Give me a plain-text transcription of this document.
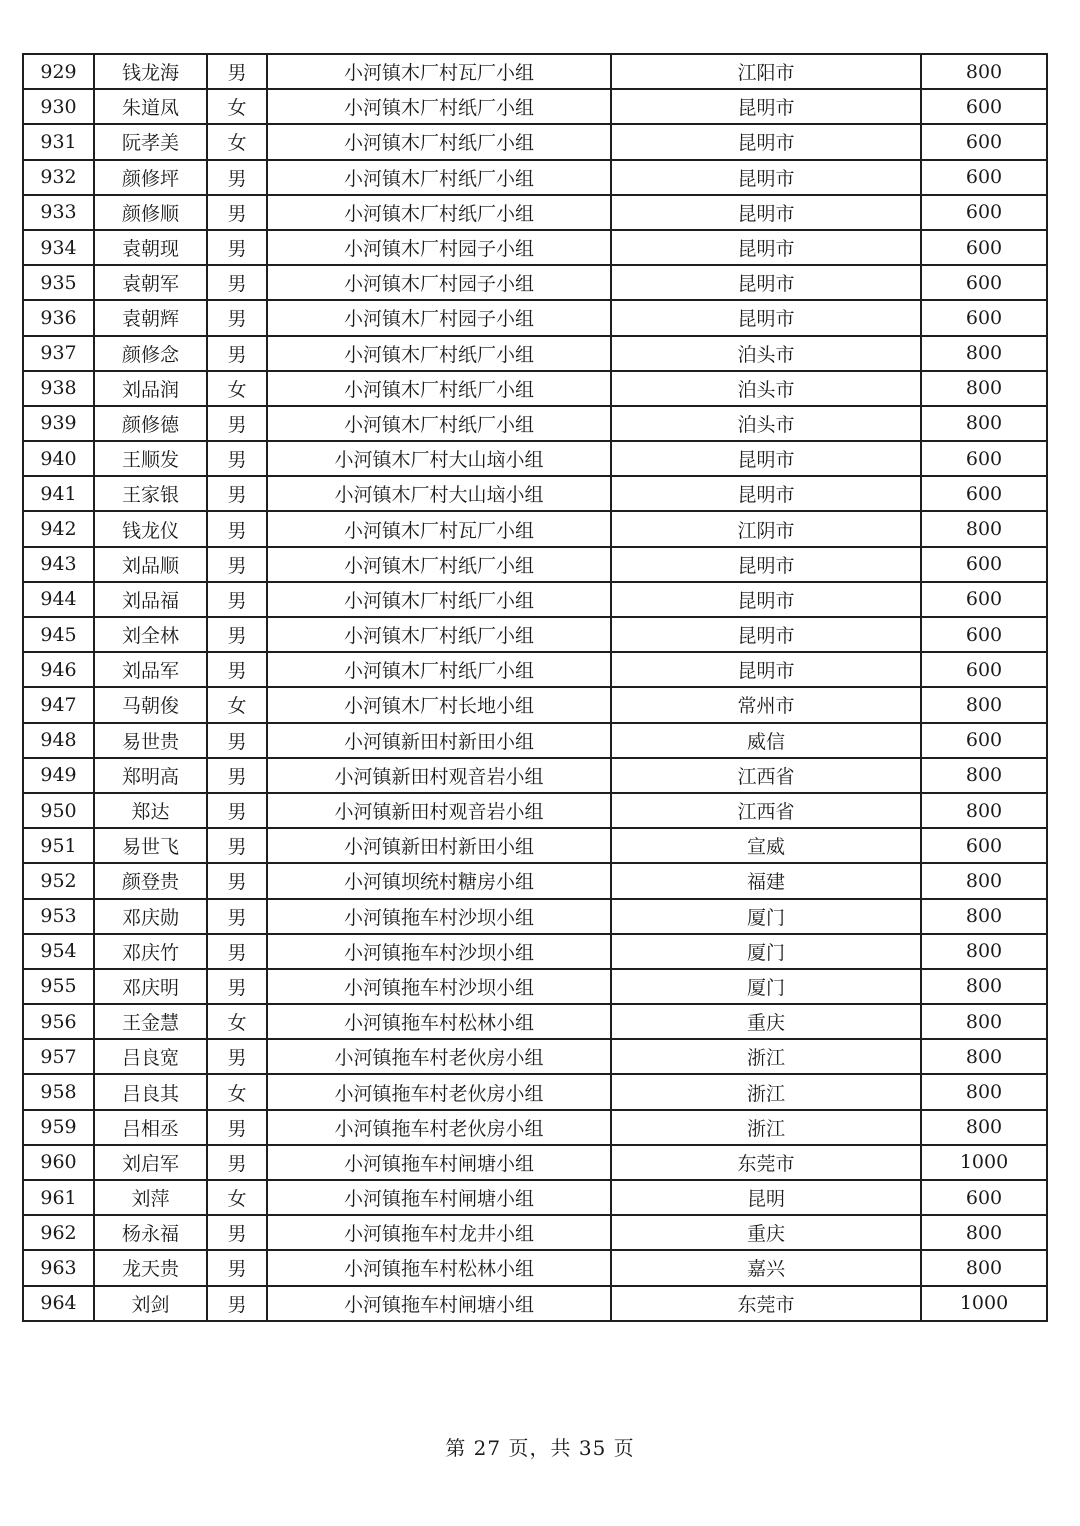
929	钱龙海	男	小河镇木厂村瓦厂小组	江阳市	800
930	朱道凤	女	小河镇木厂村纸厂小组	昆明市	600
931	阮孝美	女	小河镇木厂村纸厂小组	昆明市	600
932	颜修坪	男	小河镇木厂村纸厂小组	昆明市	600
933	颜修顺	男	小河镇木厂村纸厂小组	昆明市	600
934	袁朝现	男	小河镇木厂村园子小组	昆明市	600
935	袁朝军	男	小河镇木厂村园子小组	昆明市	600
936	袁朝辉	男	小河镇木厂村园子小组	昆明市	600
937	颜修念	男	小河镇木厂村纸厂小组	泊头市	800
938	刘品润	女	小河镇木厂村纸厂小组	泊头市	800
939	颜修德	男	小河镇木厂村纸厂小组	泊头市	800
940	王顺发	男	小河镇木厂村大山垴小组	昆明市	600
941	王家银	男	小河镇木厂村大山垴小组	昆明市	600
942	钱龙仪	男	小河镇木厂村瓦厂小组	江阴市	800
943	刘品顺	男	小河镇木厂村纸厂小组	昆明市	600
944	刘品福	男	小河镇木厂村纸厂小组	昆明市	600
945	刘全林	男	小河镇木厂村纸厂小组	昆明市	600
946	刘品军	男	小河镇木厂村纸厂小组	昆明市	600
947	马朝俊	女	小河镇木厂村长地小组	常州市	800
948	易世贵	男	小河镇新田村新田小组	威信	600
949	郑明高	男	小河镇新田村观音岩小组	江西省	800
950	郑达	男	小河镇新田村观音岩小组	江西省	800
951	易世飞	男	小河镇新田村新田小组	宣威	600
952	颜登贵	男	小河镇坝统村糖房小组	福建	800
953	邓庆勋	男	小河镇拖车村沙坝小组	厦门	800
954	邓庆竹	男	小河镇拖车村沙坝小组	厦门	800
955	邓庆明	男	小河镇拖车村沙坝小组	厦门	800
956	王金慧	女	小河镇拖车村松林小组	重庆	800
957	吕良宽	男	小河镇拖车村老伙房小组	浙江	800
958	吕良其	女	小河镇拖车村老伙房小组	浙江	800
959	吕相丞	男	小河镇拖车村老伙房小组	浙江	800
960	刘启军	男	小河镇拖车村闸塘小组	东莞市	1000
961	刘萍	女	小河镇拖车村闸塘小组	昆明	600
962	杨永福	男	小河镇拖车村龙井小组	重庆	800
963	龙天贵	男	小河镇拖车村松林小组	嘉兴	800
964	刘剑	男	小河镇拖车村闸塘小组	东莞市	1000
第 27 页，共 35 页
